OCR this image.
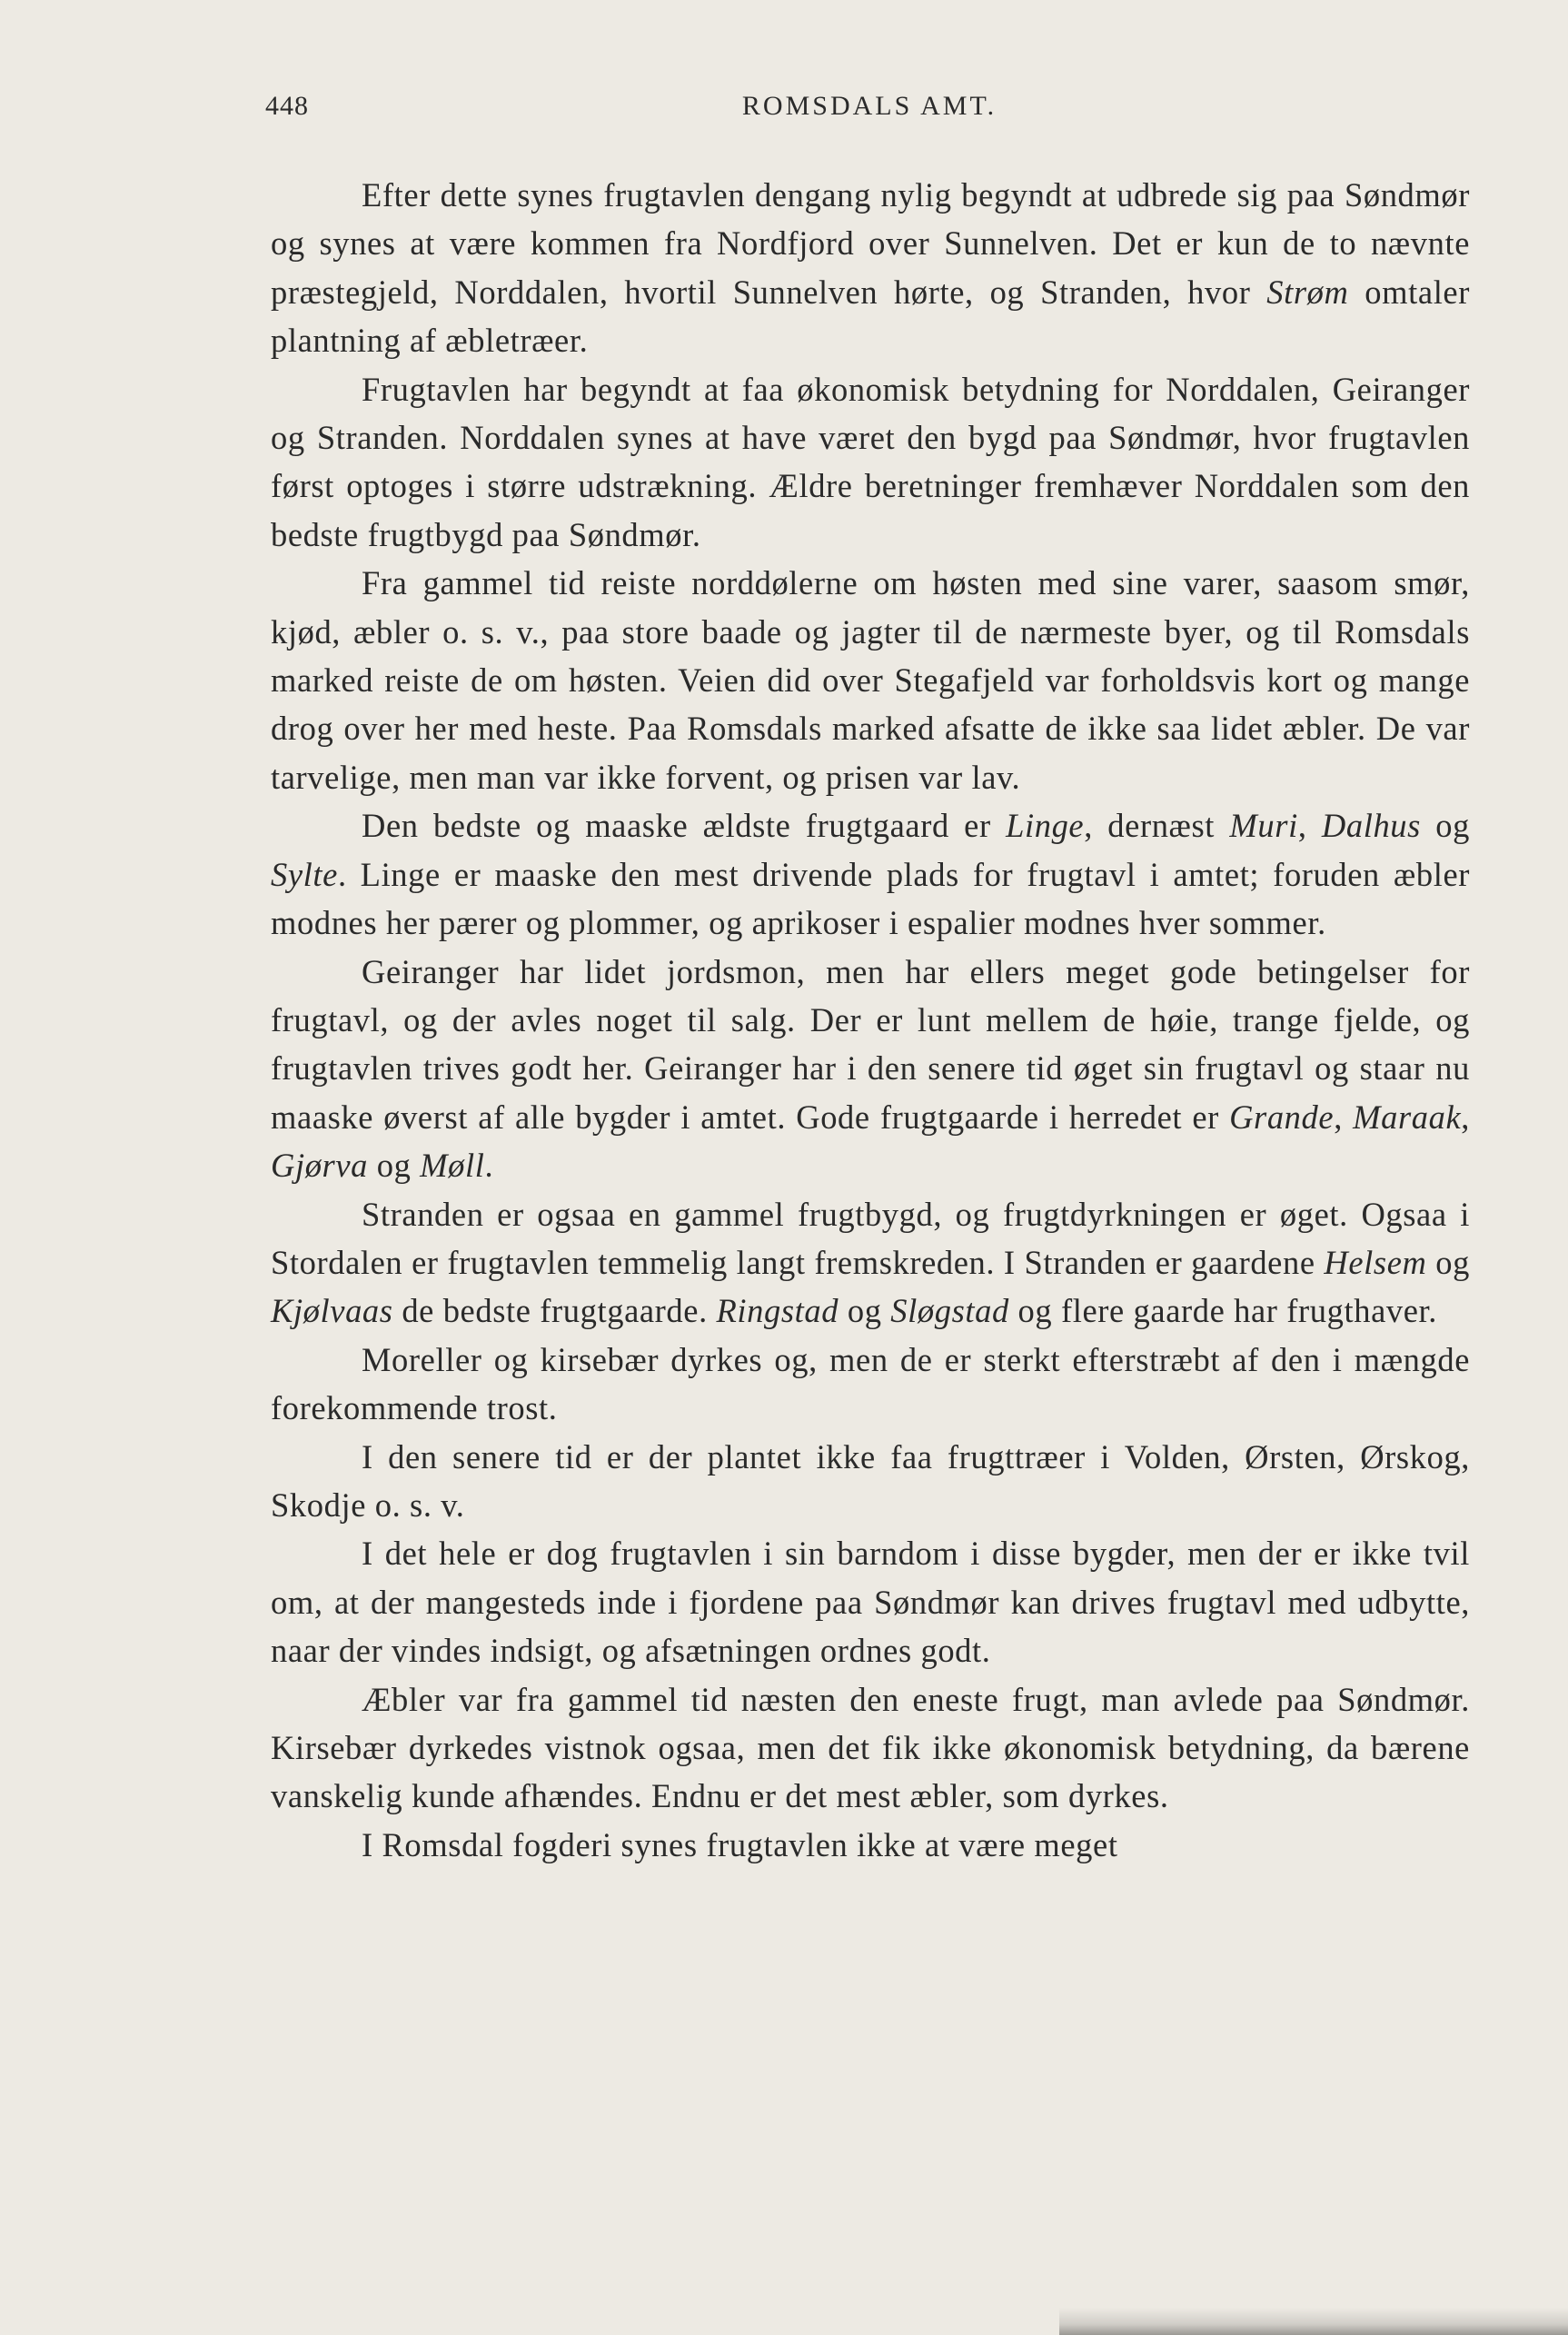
448	ROMSDALS AMT.

Efter dette synes frugtavlen dengang nylig begyndt at udbrede sig paa Søndmør og synes at være kommen fra Nordfjord over Sunnelven. Det er kun de to nævnte præstegjeld, Norddalen, hvortil Sunnelven hørte, og Stranden, hvor Strøm omtaler plantning af æbletræer.

Frugtavlen har begyndt at faa økonomisk betydning for Norddalen, Geiranger og Stranden. Norddalen synes at have været den bygd paa Søndmør, hvor frugtavlen først optoges i større udstrækning. Ældre beretninger fremhæver Norddalen som den bedste frugtbygd paa Søndmør.

Fra gammel tid reiste norddølerne om høsten med sine varer, saasom smør, kjød, æbler o. s. v., paa store baade og jagter til de nærmeste byer, og til Romsdals marked reiste de om høsten. Veien did over Stegafjeld var forholdsvis kort og mange drog over her med heste. Paa Romsdals marked afsatte de ikke saa lidet æbler. De var tarvelige, men man var ikke forvent, og prisen var lav.

Den bedste og maaske ældste frugtgaard er Linge, dernæst Muri, Dalhus og Sylte. Linge er maaske den mest drivende plads for frugtavl i amtet; foruden æbler modnes her pærer og plommer, og aprikoser i espalier modnes hver sommer.

Geiranger har lidet jordsmon, men har ellers meget gode betingelser for frugtavl, og der avles noget til salg. Der er lunt mellem de høie, trange fjelde, og frugtavlen trives godt her. Geiranger har i den senere tid øget sin frugtavl og staar nu maaske øverst af alle bygder i amtet. Gode frugtgaarde i herredet er Grande, Maraak, Gjørva og Møll.

Stranden er ogsaa en gammel frugtbygd, og frugtdyrkningen er øget. Ogsaa i Stordalen er frugtavlen temmelig langt fremskreden. I Stranden er gaardene Helsem og Kjølvaas de bedste frugtgaarde. Ringstad og Sløgstad og flere gaarde har frugthaver.

Moreller og kirsebær dyrkes og, men de er sterkt efterstræbt af den i mængde forekommende trost.

I den senere tid er der plantet ikke faa frugttræer i Volden, Ørsten, Ørskog, Skodje o. s. v.

I det hele er dog frugtavlen i sin barndom i disse bygder, men der er ikke tvil om, at der mangesteds inde i fjordene paa Søndmør kan drives frugtavl med udbytte, naar der vindes indsigt, og afsætningen ordnes godt.

Æbler var fra gammel tid næsten den eneste frugt, man avlede paa Søndmør. Kirsebær dyrkedes vistnok ogsaa, men det fik ikke økonomisk betydning, da bærene vanskelig kunde afhændes. Endnu er det mest æbler, som dyrkes.

I Romsdal fogderi synes frugtavlen ikke at være meget
